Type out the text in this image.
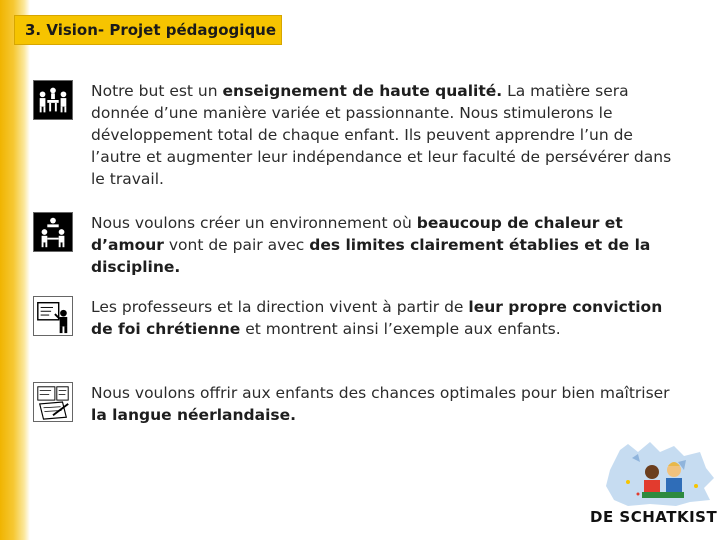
3. Vision- Projet pédagogique
Notre but est un enseignement de haute qualité. La matière sera donnée d’une manière variée et passionnante. Nous stimulerons le développement total de chaque enfant. Ils peuvent apprendre l’un de l’autre et augmenter leur indépendance et leur faculté de persévérer dans le travail.
Nous voulons créer un environnement où beaucoup de chaleur et d’amour vont de pair avec des limites clairement établies et de la discipline.
Les professeurs et la direction vivent à partir de leur propre conviction de foi chrétienne et montrent ainsi l’exemple aux enfants.
Nous voulons offrir aux enfants des chances optimales pour bien maîtriser la langue néerlandaise.
DE SCHATKIST
